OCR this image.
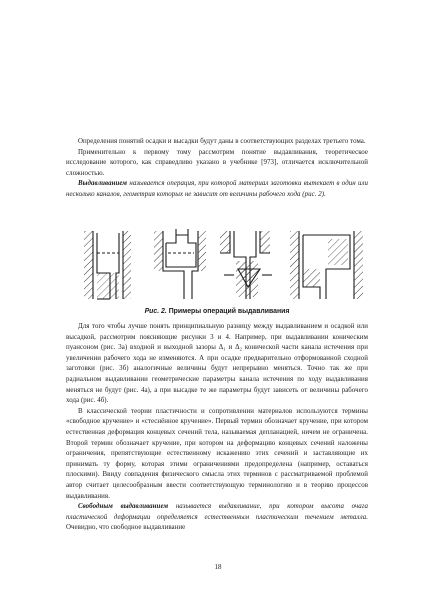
Определения понятий осадки и высадки будут даны в соответствующих разделах третьего тома.

Применительно к первому тому рассмотрим понятие выдавливания, теоретическое исследование которого, как справедливо указано в учебнике [973], отличается исключительной сложностью.

Выдавливанием называется операция, при которой материал заготовки вытекает в один или несколько каналов, геометрия которых не зависит от величины рабочего хода (рис. 2).

Рис. 2. Примеры операций выдавливания

Для того чтобы лучше понять принципиальную разницу между выдавливанием и осадкой или высадкой, рассмотрим поясняющие рисунки 3 и 4. Например, при выдавливании коническим пуансоном (рис. 3а) входной и выходной зазоры Δ₁ и Δ₂ конической части канала истечения при увеличении рабочего хода не изменяются. А при осадке предварительно отформованной сходной заготовки (рис. 3б) аналогичные величины будут непрерывно меняться. Точно так же при радиальном выдавливании геометрические параметры канала истечения по ходу выдавливания меняться не будут (рис. 4а), а при высадке те же параметры будут зависеть от величины рабочего хода (рис. 4б).

В классической теории пластичности и сопротивлении материалов используются термины «свободное кручение» и «стеснённое кручение». Первый термин обозначает кручение, при котором естественная деформация концевых сечений тела, называемая депланацией, ничем не ограничена. Второй термин обозначает кручение, при котором на деформацию концевых сечений наложены ограничения, препятствующие естественному искажению этих сечений и заставляющие их принимать ту форму, которая этими ограничениями предопределена (например, оставаться плоскими). Ввиду совпадения физического смысла этих терминов с рассматриваемой проблемой автор считает целесообразным ввести соответствующую терминологию и в теорию процессов выдавливания.

Свободным выдавливанием называется выдавливание, при котором высота очага пластической деформации определяется естественным пластическим течением металла. Очевидно, что свободное выдавливание

18
